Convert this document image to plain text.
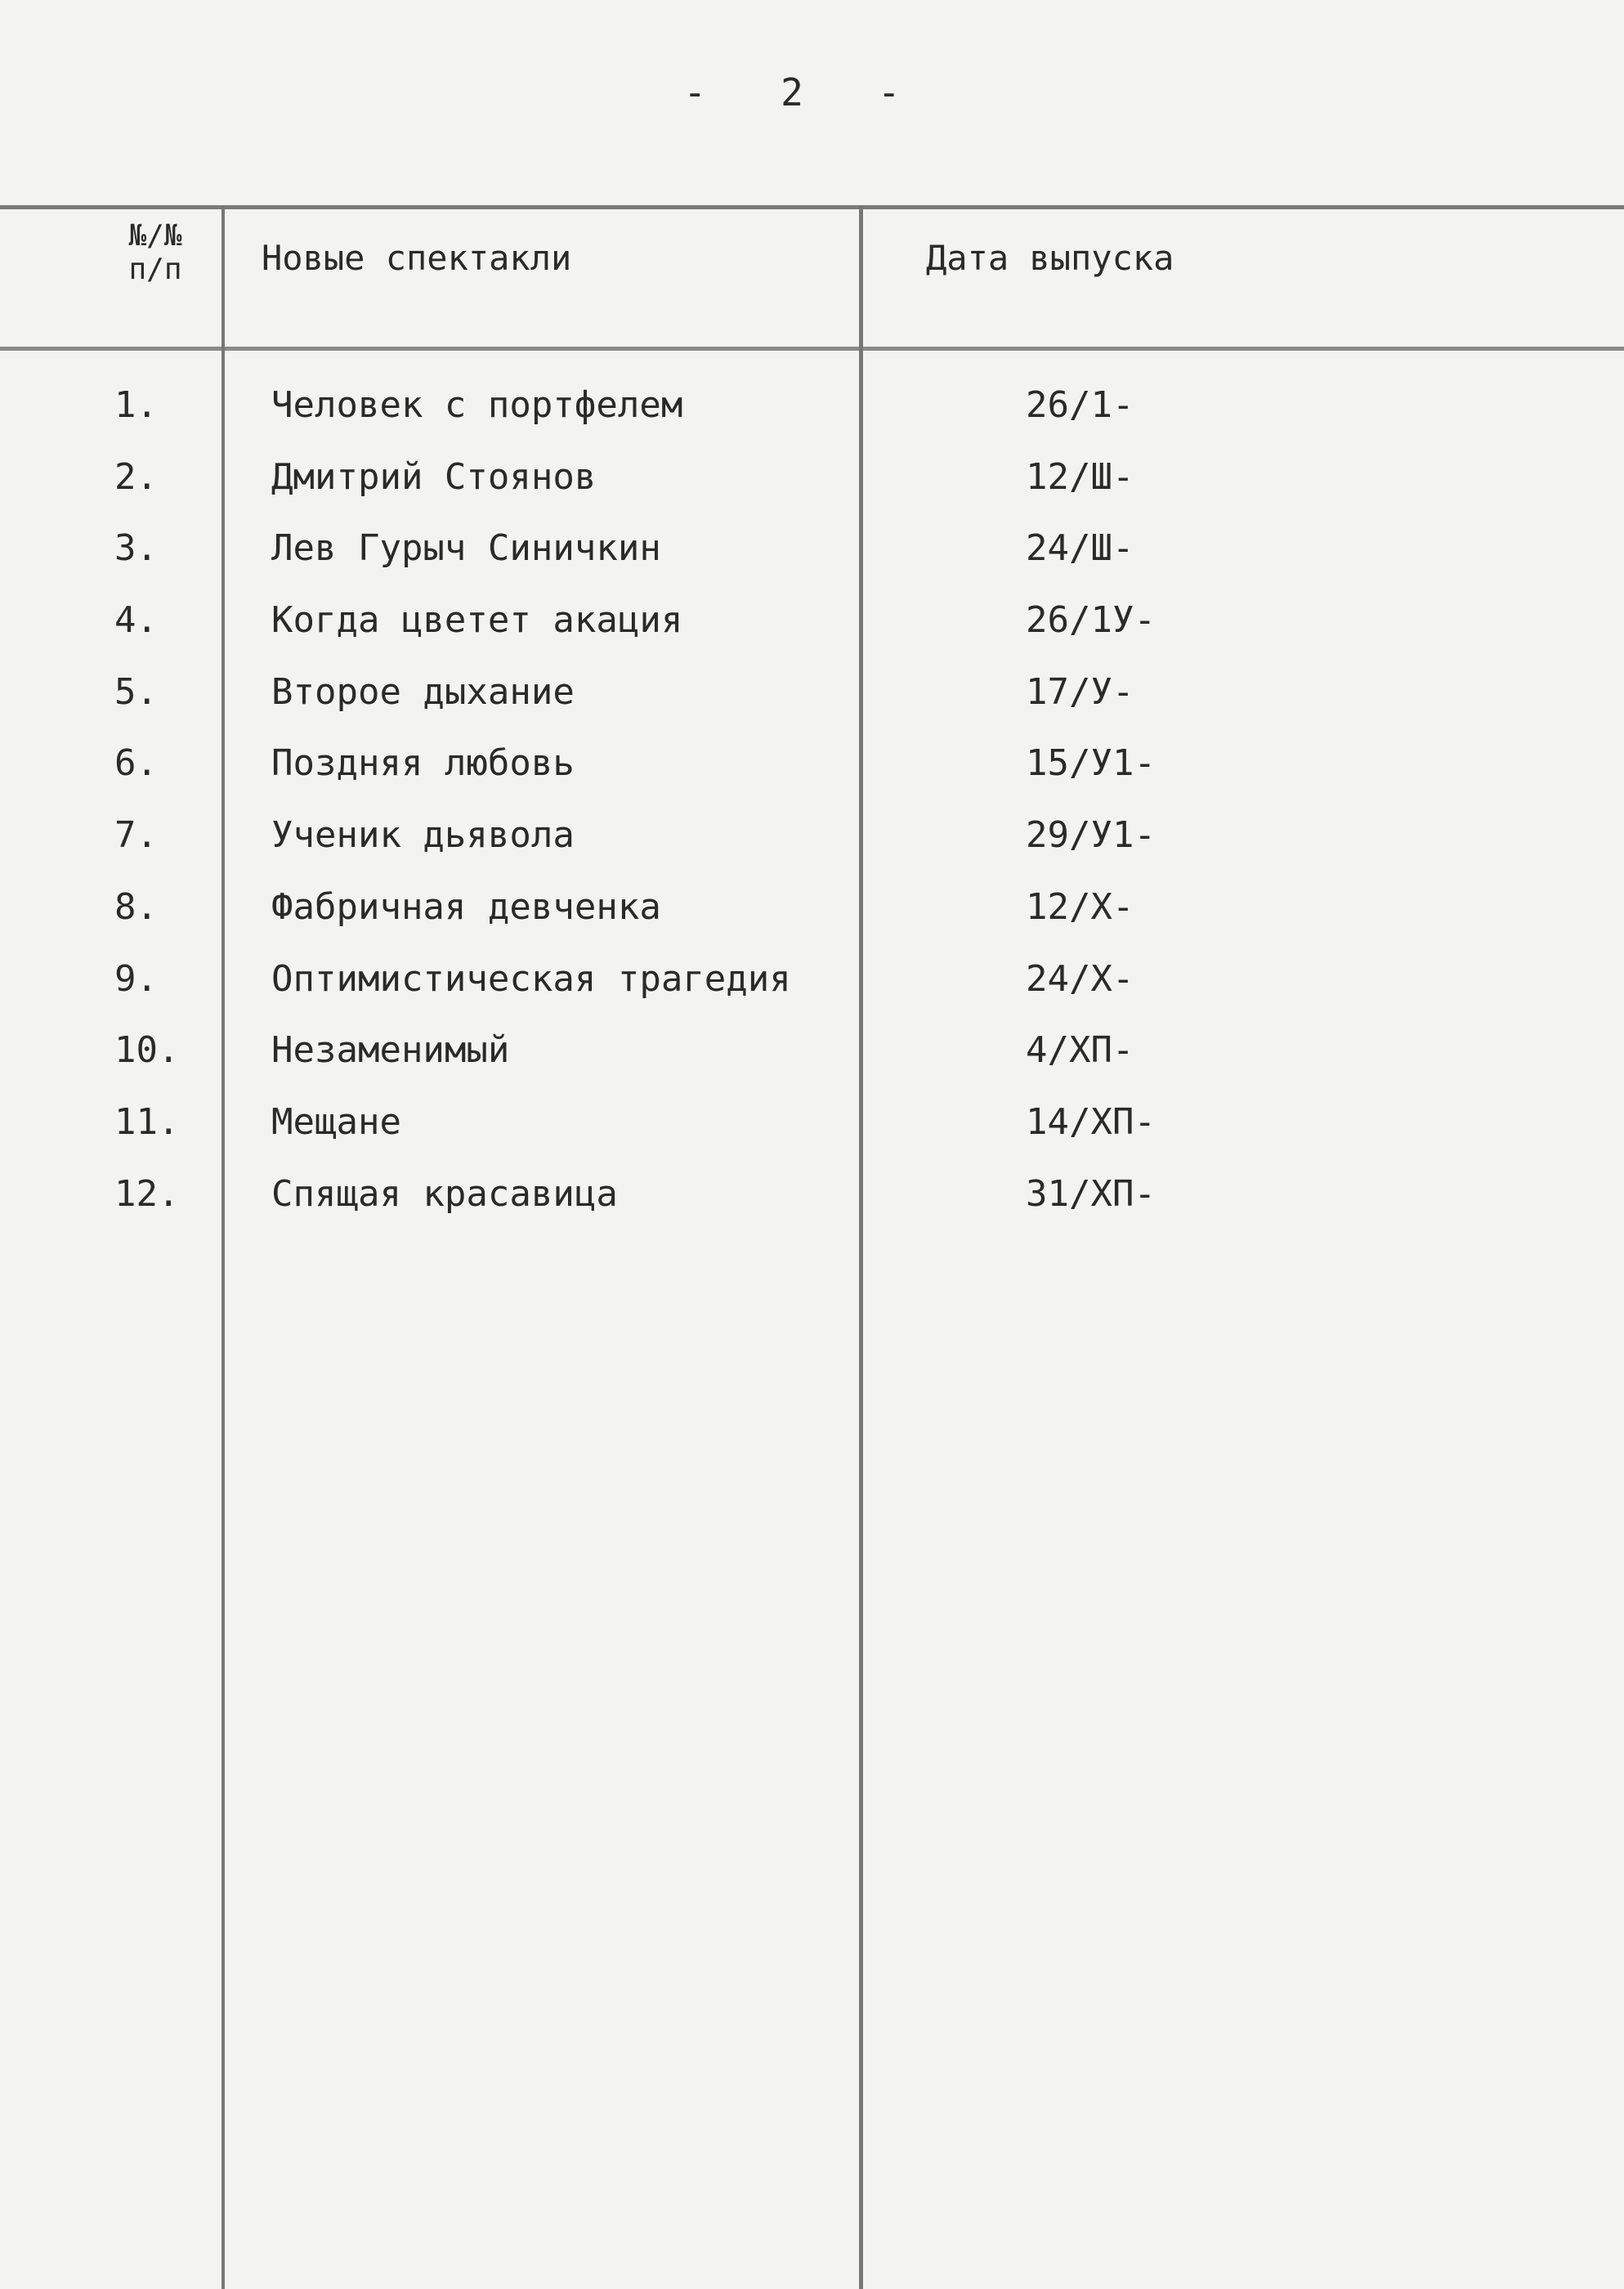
-   2   -
№/№
п/п	Новые спектакли	Дата выпуска
1.	Человек с портфелем	26/1-
2.	Дмитрий Стоянов	12/Ш-
3.	Лев Гурыч Синичкин	24/Ш-
4.	Когда цветет акация	26/1У-
5.	Второе дыхание	17/У-
6.	Поздняя любовь	15/У1-
7.	Ученик дьявола	29/У1-
8.	Фабричная девченка	12/Х-
9.	Оптимистическая трагедия	24/Х-
10.	Незаменимый	4/ХП-
11.	Мещане	14/ХП-
12.	Спящая красавица	31/ХП-
